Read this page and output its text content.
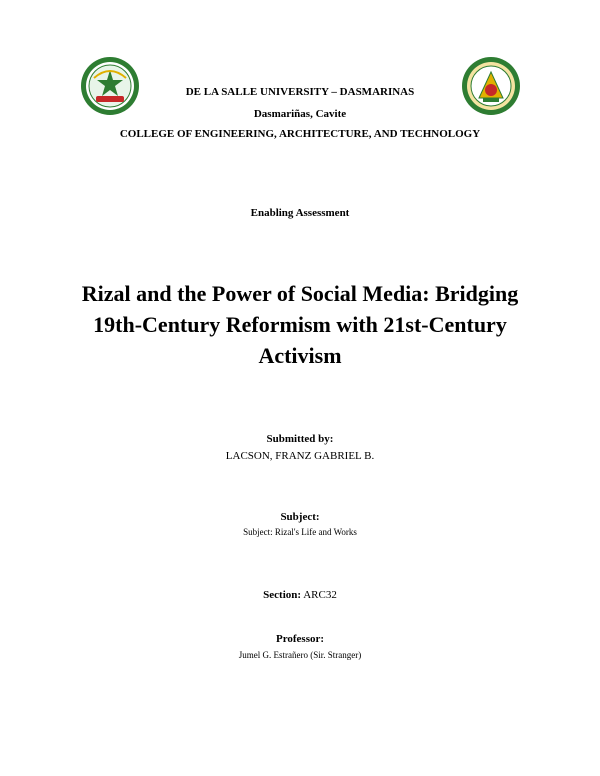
DE LA SALLE UNIVERSITY – DASMARINAS
Dasmariñas, Cavite
COLLEGE OF ENGINEERING, ARCHITECTURE, AND TECHNOLOGY
Enabling Assessment
Rizal and the Power of Social Media: Bridging 19th-Century Reformism with 21st-Century Activism
Submitted by:
LACSON, FRANZ GABRIEL B.
Subject:
Subject: Rizal's Life and Works
Section: ARC32
Professor:
Jumel G. Estrañero (Sir. Stranger)
